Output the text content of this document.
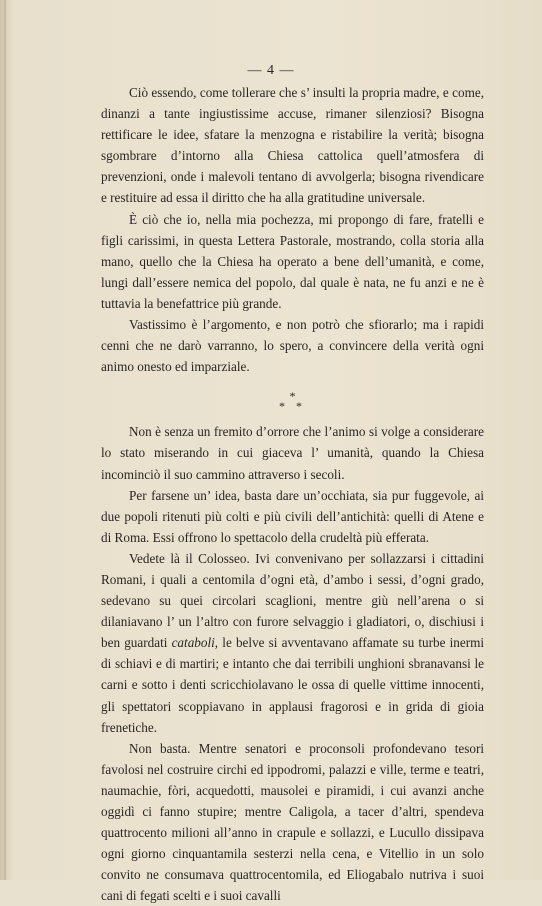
— 4 —

Ciò essendo, come tollerare che s’ insulti la propria madre, e come, dinanzi a tante ingiustissime accuse, rimaner silenziosi? Bisogna rettificare le idee, sfatare la menzogna e ristabilire la verità; bisogna sgombrare d’intorno alla Chiesa cattolica quell’atmosfera di prevenzioni, onde i malevoli tentano di avvolgerla; bisogna rivendicare e restituire ad essa il diritto che ha alla gratitudine universale.

È ciò che io, nella mia pochezza, mi propongo di fare, fratelli e figli carissimi, in questa Lettera Pastorale, mostrando, colla storia alla mano, quello che la Chiesa ha operato a bene dell’umanità, e come, lungi dall’essere nemica del popolo, dal quale è nata, ne fu anzi e ne è tuttavia la benefattrice più grande.

Vastissimo è l’argomento, e non potrò che sfiorarlo; ma i rapidi cenni che ne darò varranno, lo spero, a convincere della verità ogni animo onesto ed imparziale.

*
* *

Non è senza un fremito d’orrore che l’animo si volge a considerare lo stato miserando in cui giaceva l’ umanità, quando la Chiesa incominciò il suo cammino attraverso i secoli.

Per farsene un’ idea, basta dare un’occhiata, sia pur fuggevole, ai due popoli ritenuti più colti e più civili dell’antichità: quelli di Atene e di Roma. Essi offrono lo spettacolo della crudeltà più efferata.

Vedete là il Colosseo. Ivi convenivano per sollazzarsi i cittadini Romani, i quali a centomila d’ogni età, d’ambo i sessi, d’ogni grado, sedevano su quei circolari scaglioni, mentre giù nell’arena o si dilaniavano l’ un l’altro con furore selvaggio i gladiatori, o, dischiusi i ben guardati cataboli, le belve si avventavano affamate su turbe inermi di schiavi e di martiri; e intanto che dai terribili unghioni sbranavansi le carni e sotto i denti scricchiolavano le ossa di quelle vittime innocenti, gli spettatori scoppiavano in applausi fragorosi e in grida di gioia frenetiche.

Non basta. Mentre senatori e proconsoli profondevano tesori favolosi nel costruire circhi ed ippodromi, palazzi e ville, terme e teatri, naumachie, fòri, acquedotti, mausolei e piramidi, i cui avanzi anche oggidì ci fanno stupire; mentre Caligola, a tacer d’altri, spendeva quattrocento milioni all’anno in crapule e sollazzi, e Lucullo dissipava ogni giorno cinquantamila sesterzi nella cena, e Vitellio in un solo convito ne consumava quattrocentomila, ed Eliogabalo nutriva i suoi cani di fegati scelti e i suoi cavalli
